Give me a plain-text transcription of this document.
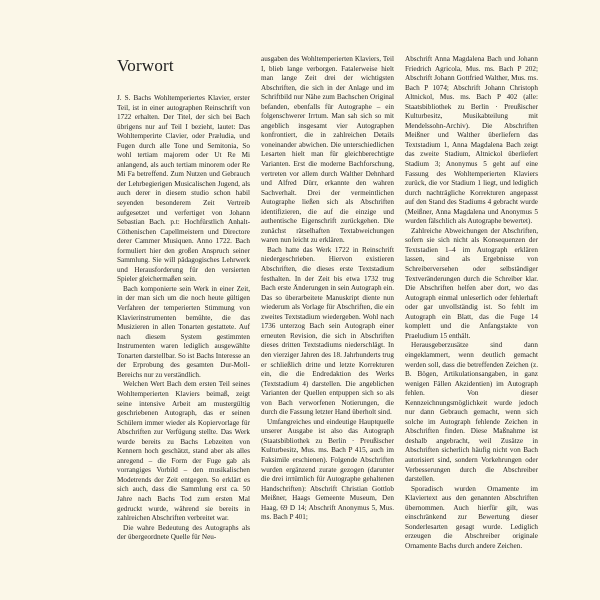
Vorwort

J. S. Bachs Wohltemperiertes Klavier, erster Teil, ist in einer autographen Reinschrift von 1722 erhalten. Der Titel, der sich bei Bach übrigens nur auf Teil I bezieht, lautet: Das Wohltemperirte Clavier, oder Præludia, und Fugen durch alle Tone und Semitonia, So wohl tertiam majorem oder Ut Re Mi anlangend, als auch tertiam minorem oder Re Mi Fa betreffend. Zum Nutzen und Gebrauch der Lehrbegierigen Musicalischen Jugend, als auch derer in diesem studio schon habil seyenden besonderem Zeit Vertreib aufgesetzet und verfertiget von Johann Sebastian Bach. p.t: Hochfürstlich Anhalt-Cöthenischen Capellmeistern und Directore derer Cammer Musiquen. Anno 1722. Bach formuliert hier den großen Anspruch seiner Sammlung. Sie will pädagogisches Lehrwerk und Herausforderung für den versierten Spieler gleichermaßen sein.

Bach komponierte sein Werk in einer Zeit, in der man sich um die noch heute gültigen Verfahren der temperierten Stimmung von Klavierinstrumenten bemühte, die das Musizieren in allen Tonarten gestattete. Auf nach diesem System gestimmten Instrumenten waren lediglich ausgewählte Tonarten darstellbar. So ist Bachs Interesse an der Erprobung des gesamten Dur-Moll-Bereichs nur zu verständlich.

Welchen Wert Bach dem ersten Teil seines Wohltemperierten Klaviers beimaß, zeigt seine intensive Arbeit am mustergültig geschriebenen Autograph, das er seinen Schülern immer wieder als Kopiervorlage für Abschriften zur Verfügung stellte. Das Werk wurde bereits zu Bachs Lebzeiten von Kennern hoch geschätzt, stand aber als alles anregend – die Form der Fuge gab als vorrangiges Vorbild – den musikalischen Modetrends der Zeit entgegen. So erklärt es sich auch, dass die Sammlung erst ca. 50 Jahre nach Bachs Tod zum ersten Mal gedruckt wurde, während sie bereits in zahlreichen Abschriften verbreitet war.

Die wahre Bedeutung des Autographs als der übergeordnete Quelle für Neu-

ausgaben des Wohltemperierten Klaviers, Teil I, blieb lange verborgen. Fatalerweise hielt man lange Zeit drei der wichtigsten Abschriften, die sich in der Anlage und im Schriftbild nur Nähe zum Bachschen Original befanden, ebenfalls für Autographe – ein folgenschwerer Irrtum. Man sah sich so mit angeblich insgesamt vier Autographen konfrontiert, die in zahlreichen Details voneinander abwichen. Die unterschiedlichen Lesarten hielt man für gleichberechtigte Varianten. Erst die moderne Bachforschung, vertreten vor allem durch Walther Dehnhard und Alfred Dürr, erkannte den wahren Sachverhalt. Drei der vermeintlichen Autographe ließen sich als Abschriften identifizieren, die auf die einzige und authentische Eigenschrift zurückgehen. Die zunächst rätselhaften Textabweichungen waren nun leicht zu erklären.

Bach hatte das Werk 1722 in Reinschrift niedergeschrieben. Hiervon existieren Abschriften, die dieses erste Textstadium festhalten. In der Zeit bis etwa 1732 trug Bach erste Änderungen in sein Autograph ein. Das so überarbeitete Manuskript diente nun wiederum als Vorlage für Abschriften, die ein zweites Textstadium wiedergeben. Wohl nach 1736 unterzog Bach sein Autograph einer erneuten Revision, die sich in Abschriften dieses dritten Textstadiums niederschlägt. In den vierziger Jahren des 18. Jahrhunderts trug er schließlich dritte und letzte Korrekturen ein, die die Endredaktion des Werks (Textstadium 4) darstellen. Die angeblichen Varianten der Quellen entpuppen sich so als von Bach verworfenen Notierungen, die durch die Fassung letzter Hand überholt sind.

Umfangreiches und eindeutige Hauptquelle unserer Ausgabe ist also das Autograph (Staatsbibliothek zu Berlin · Preußischer Kulturbesitz, Mus. ms. Bach P 415, auch im Faksimile erschienen). Folgende Abschriften wurden ergänzend zurate gezogen (darunter die drei irrtümlich für Autographe gehaltenen Handschriften): Abschrift Christian Gottlob Meißner, Haags Gemeente Museum, Den Haag, 69 D 14; Abschrift Anonymus 5, Mus. ms. Bach P 401;

Abschrift Anna Magdalena Bach und Johann Friedrich Agricola, Mus. ms. Bach P 202; Abschrift Johann Gottfried Walther, Mus. ms. Bach P 1074; Abschrift Johann Christoph Altnickol, Mus. ms. Bach P 402 (alle: Staatsbibliothek zu Berlin · Preußischer Kulturbesitz, Musikabteilung mit Mendelssohn-Archiv). Die Abschriften Meißner und Walther überliefern das Textstadium 1, Anna Magdalena Bach zeigt das zweite Stadium, Altnickol überliefert Stadium 3; Anonymus 5 geht auf eine Fassung des Wohltemperierten Klaviers zurück, die vor Stadium 1 liegt, und lediglich durch nachträgliche Korrekturen angepasst auf den Stand des Stadiums 4 gebracht wurde (Meißner, Anna Magdalena und Anonymus 5 wurden fälschlich als Autographe bewertet).

Zahlreiche Abweichungen der Abschriften, sofern sie sich nicht als Konsequenzen der Textstadien 1–4 im Autograph erklären lassen, sind als Ergebnisse von Schreiberversehen oder selbständiger Textveränderungen durch die Schreiber klar. Die Abschriften helfen aber dort, wo das Autograph einmal unleserlich oder fehlerhaft oder gar unvollständig ist. So fehlt im Autograph ein Blatt, das die Fuge 14 komplett und die Anfangstakte von Praeludium 15 enthält.

Herausgeberzusätze sind dann eingeklammert, wenn deutlich gemacht werden soll, dass die betreffenden Zeichen (z. B. Bögen, Artikulationsangaben, in ganz wenigen Fällen Akzidentien) im Autograph fehlen. Von dieser Kennzeichnungsmöglichkeit wurde jedoch nur dann Gebrauch gemacht, wenn sich solche im Autograph fehlende Zeichen in Abschriften finden. Diese Maßnahme ist deshalb angebracht, weil Zusätze in Abschriften sicherlich häufig nicht von Bach autorisiert sind, sondern Vorkehrungen oder Verbesserungen durch die Abschreiber darstellen.

Sporadisch wurden Ornamente im Klaviertext aus den genannten Abschriften übernommen. Auch hierfür gilt, was einschränkend zur Bewertung dieser Sonderlesarten gesagt wurde. Lediglich erzeugen die Abschreiber originale Ornamente Bachs durch andere Zeichen.
